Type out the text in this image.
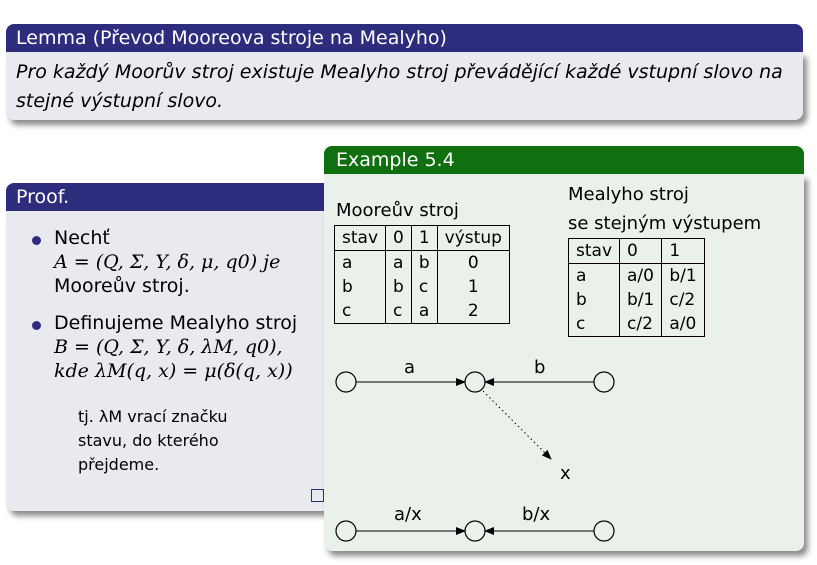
Lemma (Převod Mooreova stroje na Mealyho)
Pro každý Moorův stroj existuje Mealyho stroj převádějící každé vstupní slovo na
stejné výstupní slovo.
Proof.
Nechť
A = (Q, Σ, Y, δ, μ, q0) je
Mooreův stroj.
Definujeme Mealyho stroj
B = (Q, Σ, Y, δ, λM, q0),
kde λM(q, x) = μ(δ(q, x))
tj. λM vrací značku
stavu, do kterého
přejdeme.
Example 5.4
Mooreův stroj
Mealyho stroj
se stejným výstupem
stav	0	1	výstup
a	a	b	0
b	b	c	1
c	c	a	2
stav	0	1
a	a/0	b/1
b	b/1	c/2
c	c/2	a/0
a	b
x
a/x	b/x
